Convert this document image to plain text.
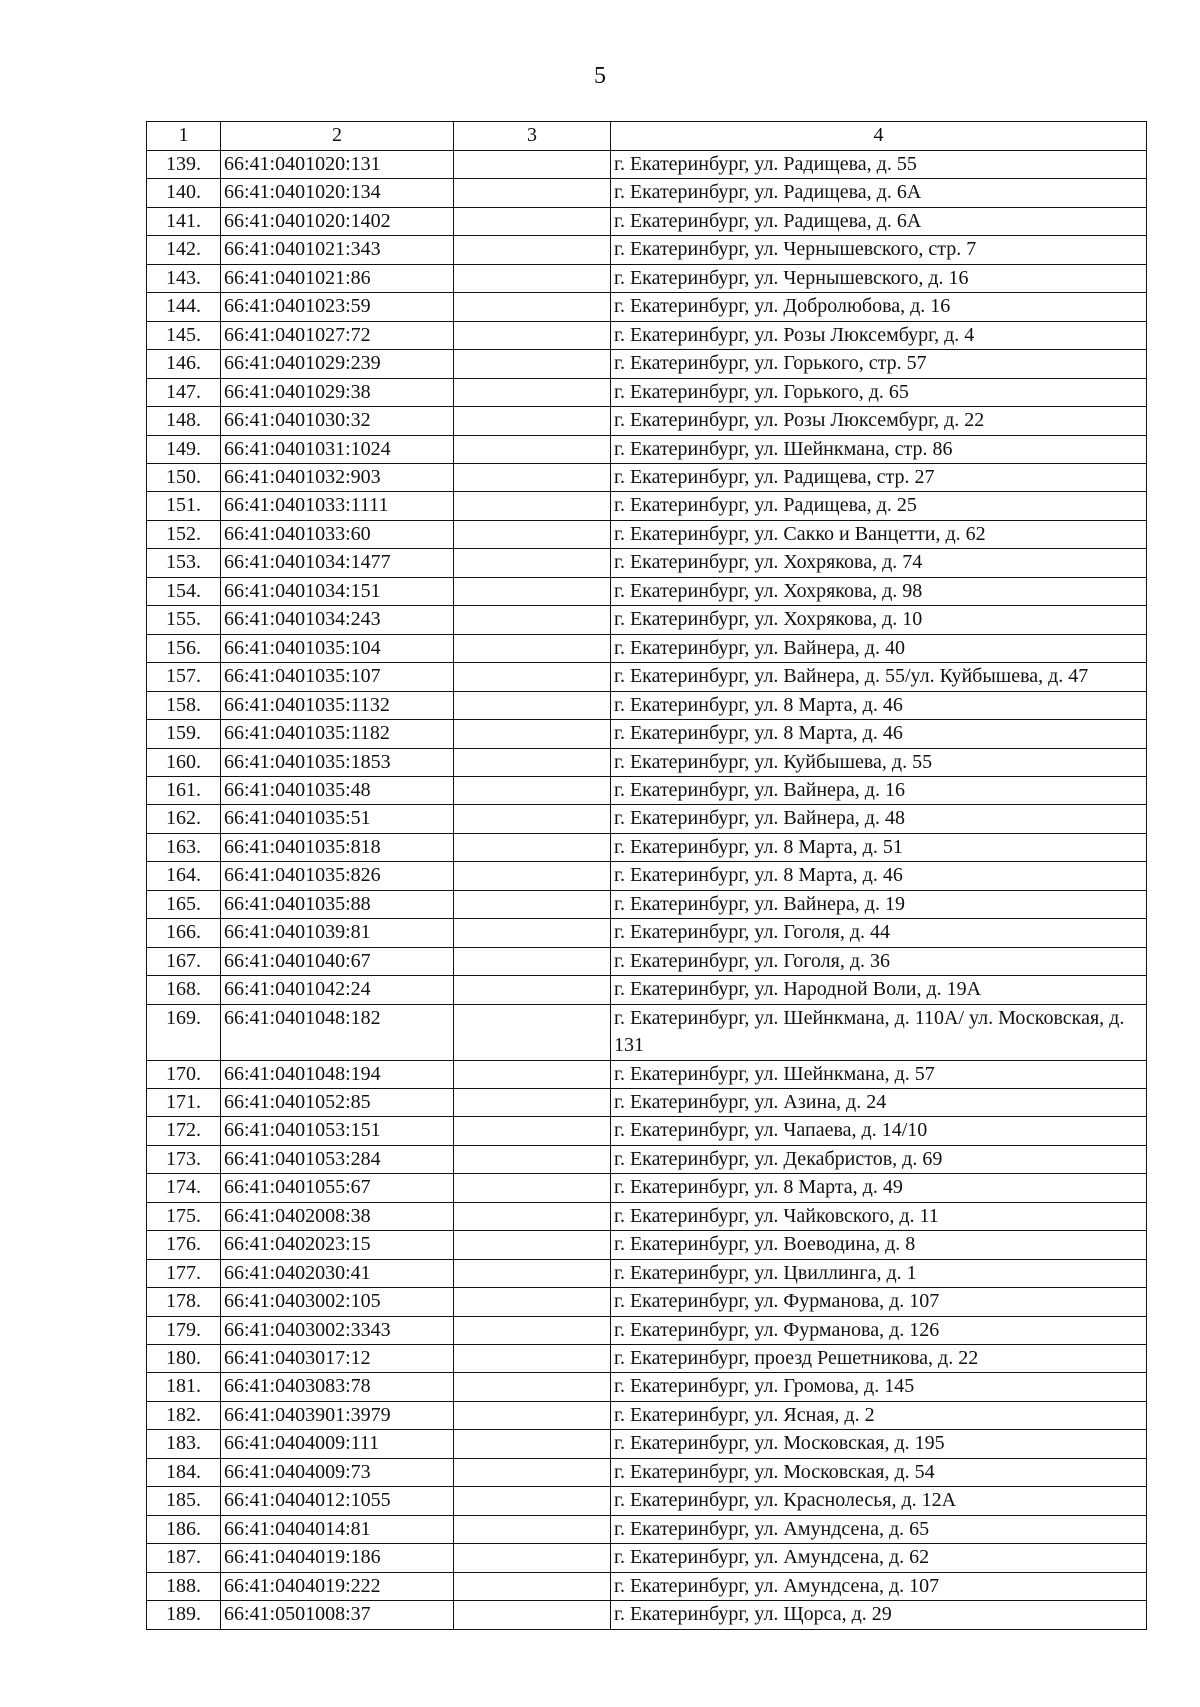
5
1	2	3	4
139.	66:41:0401020:131		г. Екатеринбург, ул. Радищева, д. 55
140.	66:41:0401020:134		г. Екатеринбург, ул. Радищева, д. 6А
141.	66:41:0401020:1402		г. Екатеринбург, ул. Радищева, д. 6А
142.	66:41:0401021:343		г. Екатеринбург, ул. Чернышевского, стр. 7
143.	66:41:0401021:86		г. Екатеринбург, ул. Чернышевского, д. 16
144.	66:41:0401023:59		г. Екатеринбург, ул. Добролюбова, д. 16
145.	66:41:0401027:72		г. Екатеринбург, ул. Розы Люксембург, д. 4
146.	66:41:0401029:239		г. Екатеринбург, ул. Горького, стр. 57
147.	66:41:0401029:38		г. Екатеринбург, ул. Горького, д. 65
148.	66:41:0401030:32		г. Екатеринбург, ул. Розы Люксембург, д. 22
149.	66:41:0401031:1024		г. Екатеринбург, ул. Шейнкмана, стр. 86
150.	66:41:0401032:903		г. Екатеринбург, ул. Радищева, стр. 27
151.	66:41:0401033:1111		г. Екатеринбург, ул. Радищева, д. 25
152.	66:41:0401033:60		г. Екатеринбург, ул. Сакко и Ванцетти, д. 62
153.	66:41:0401034:1477		г. Екатеринбург, ул. Хохрякова, д. 74
154.	66:41:0401034:151		г. Екатеринбург, ул. Хохрякова, д. 98
155.	66:41:0401034:243		г. Екатеринбург, ул. Хохрякова, д. 10
156.	66:41:0401035:104		г. Екатеринбург, ул. Вайнера, д. 40
157.	66:41:0401035:107		г. Екатеринбург, ул. Вайнера, д. 55/ул. Куйбышева, д. 47
158.	66:41:0401035:1132		г. Екатеринбург, ул. 8 Марта, д. 46
159.	66:41:0401035:1182		г. Екатеринбург, ул. 8 Марта, д. 46
160.	66:41:0401035:1853		г. Екатеринбург, ул. Куйбышева, д. 55
161.	66:41:0401035:48		г. Екатеринбург, ул. Вайнера, д. 16
162.	66:41:0401035:51		г. Екатеринбург, ул. Вайнера, д. 48
163.	66:41:0401035:818		г. Екатеринбург, ул. 8 Марта, д. 51
164.	66:41:0401035:826		г. Екатеринбург, ул. 8 Марта, д. 46
165.	66:41:0401035:88		г. Екатеринбург, ул. Вайнера, д. 19
166.	66:41:0401039:81		г. Екатеринбург, ул. Гоголя, д. 44
167.	66:41:0401040:67		г. Екатеринбург, ул. Гоголя, д. 36
168.	66:41:0401042:24		г. Екатеринбург, ул. Народной Воли, д. 19А
169.	66:41:0401048:182		г. Екатеринбург, ул. Шейнкмана, д. 110А/ ул. Московская, д. 131
170.	66:41:0401048:194		г. Екатеринбург, ул. Шейнкмана, д. 57
171.	66:41:0401052:85		г. Екатеринбург, ул. Азина, д. 24
172.	66:41:0401053:151		г. Екатеринбург, ул. Чапаева, д. 14/10
173.	66:41:0401053:284		г. Екатеринбург, ул. Декабристов, д. 69
174.	66:41:0401055:67		г. Екатеринбург, ул. 8 Марта, д. 49
175.	66:41:0402008:38		г. Екатеринбург, ул. Чайковского, д. 11
176.	66:41:0402023:15		г. Екатеринбург, ул. Воеводина, д. 8
177.	66:41:0402030:41		г. Екатеринбург, ул. Цвиллинга, д. 1
178.	66:41:0403002:105		г. Екатеринбург, ул. Фурманова, д. 107
179.	66:41:0403002:3343		г. Екатеринбург, ул. Фурманова, д. 126
180.	66:41:0403017:12		г. Екатеринбург, проезд Решетникова, д. 22
181.	66:41:0403083:78		г. Екатеринбург, ул. Громова, д. 145
182.	66:41:0403901:3979		г. Екатеринбург, ул. Ясная, д. 2
183.	66:41:0404009:111		г. Екатеринбург, ул. Московская, д. 195
184.	66:41:0404009:73		г. Екатеринбург, ул. Московская, д. 54
185.	66:41:0404012:1055		г. Екатеринбург, ул. Краснолесья, д. 12А
186.	66:41:0404014:81		г. Екатеринбург, ул. Амундсена, д. 65
187.	66:41:0404019:186		г. Екатеринбург, ул. Амундсена, д. 62
188.	66:41:0404019:222		г. Екатеринбург, ул. Амундсена, д. 107
189.	66:41:0501008:37		г. Екатеринбург, ул. Щорса, д. 29
